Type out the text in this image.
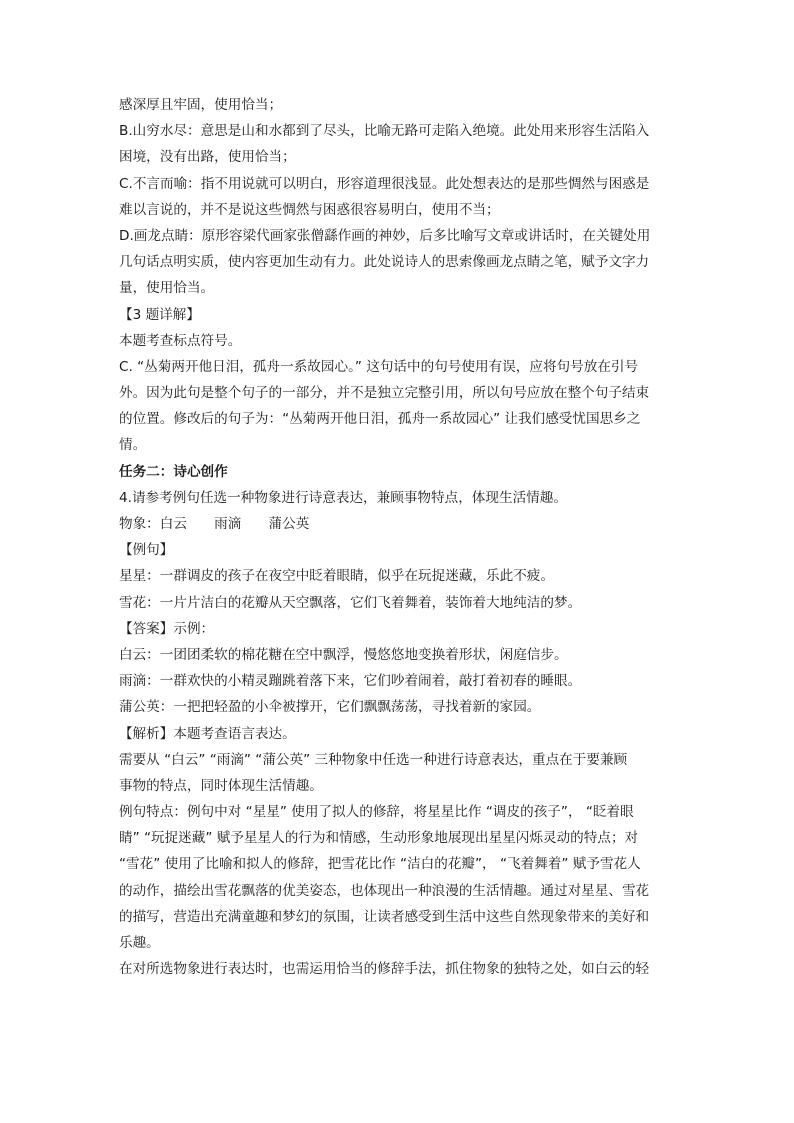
感深厚且牢固，使用恰当；
B.山穷水尽：意思是山和水都到了尽头，比喻无路可走陷入绝境。此处用来形容生活陷入
困境，没有出路，使用恰当；
C.不言而喻：指不用说就可以明白，形容道理很浅显。此处想表达的是那些惆然与困惑是
难以言说的，并不是说这些惆然与困惑很容易明白，使用不当；
D.画龙点睛：原形容梁代画家张僧繇作画的神妙，后多比喻写文章或讲话时，在关键处用
几句话点明实质，使内容更加生动有力。此处说诗人的思索像画龙点睛之笔，赋予文字力
量，使用恰当。
【3 题详解】
本题考查标点符号。
C. “丛菊两开他日泪，孤舟一系故园心。” 这句话中的句号使用有误，应将句号放在引号
外。因为此句是整个句子的一部分，并不是独立完整引用，所以句号应放在整个句子结束
的位置。修改后的句子为：“丛菊两开他日泪，孤舟一系故园心” 让我们感受忧国思乡之
情。
任务二：诗心创作
4.请参考例句任选一种物象进行诗意表达，兼顾事物特点，体现生活情趣。
物象：白云　　雨滴　　蒲公英
【例句】
星星：一群调皮的孩子在夜空中眨着眼睛，似乎在玩捉迷藏，乐此不疲。
雪花：一片片洁白的花瓣从天空飘落，它们飞着舞着，装饰着大地纯洁的梦。
【答案】示例：
白云：一团团柔软的棉花糖在空中飘浮，慢悠悠地变换着形状，闲庭信步。
雨滴：一群欢快的小精灵蹦跳着落下来，它们吵着闹着，敲打着初春的睡眼。
蒲公英：一把把轻盈的小伞被撑开，它们飘飘荡荡，寻找着新的家园。
【解析】本题考查语言表达。
需要从 “白云” “雨滴” “蒲公英” 三种物象中任选一种进行诗意表达，重点在于要兼顾
事物的特点，同时体现生活情趣。
例句特点：例句中对 “星星” 使用了拟人的修辞，将星星比作 “调皮的孩子”， “眨着眼
睛” “玩捉迷藏” 赋予星星人的行为和情感，生动形象地展现出星星闪烁灵动的特点；对
“雪花” 使用了比喻和拟人的修辞，把雪花比作 “洁白的花瓣”， “飞着舞着” 赋予雪花人
的动作，描绘出雪花飘落的优美姿态，也体现出一种浪漫的生活情趣。通过对星星、雪花
的描写，营造出充满童趣和梦幻的氛围，让读者感受到生活中这些自然现象带来的美好和
乐趣。
在对所选物象进行表达时，也需运用恰当的修辞手法，抓住物象的独特之处，如白云的轻
